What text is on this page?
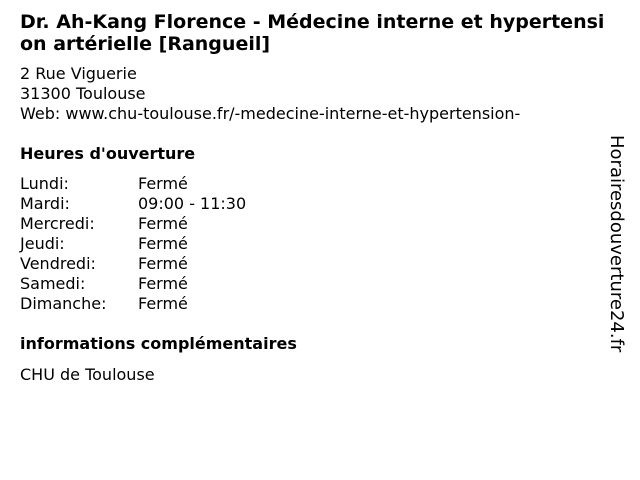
Dr. Ah-Kang Florence - Médecine interne et hypertension artérielle [Rangueil]
2 Rue Viguerie
31300 Toulouse
Web: www.chu-toulouse.fr/-medecine-interne-et-hypertension-
Heures d'ouverture
Lundi:	Fermé
Mardi:	09:00 - 11:30
Mercredi:	Fermé
Jeudi:	Fermé
Vendredi:	Fermé
Samedi:	Fermé
Dimanche: Fermé
informations complémentaires
CHU de Toulouse
Horairesdouverture24.fr
